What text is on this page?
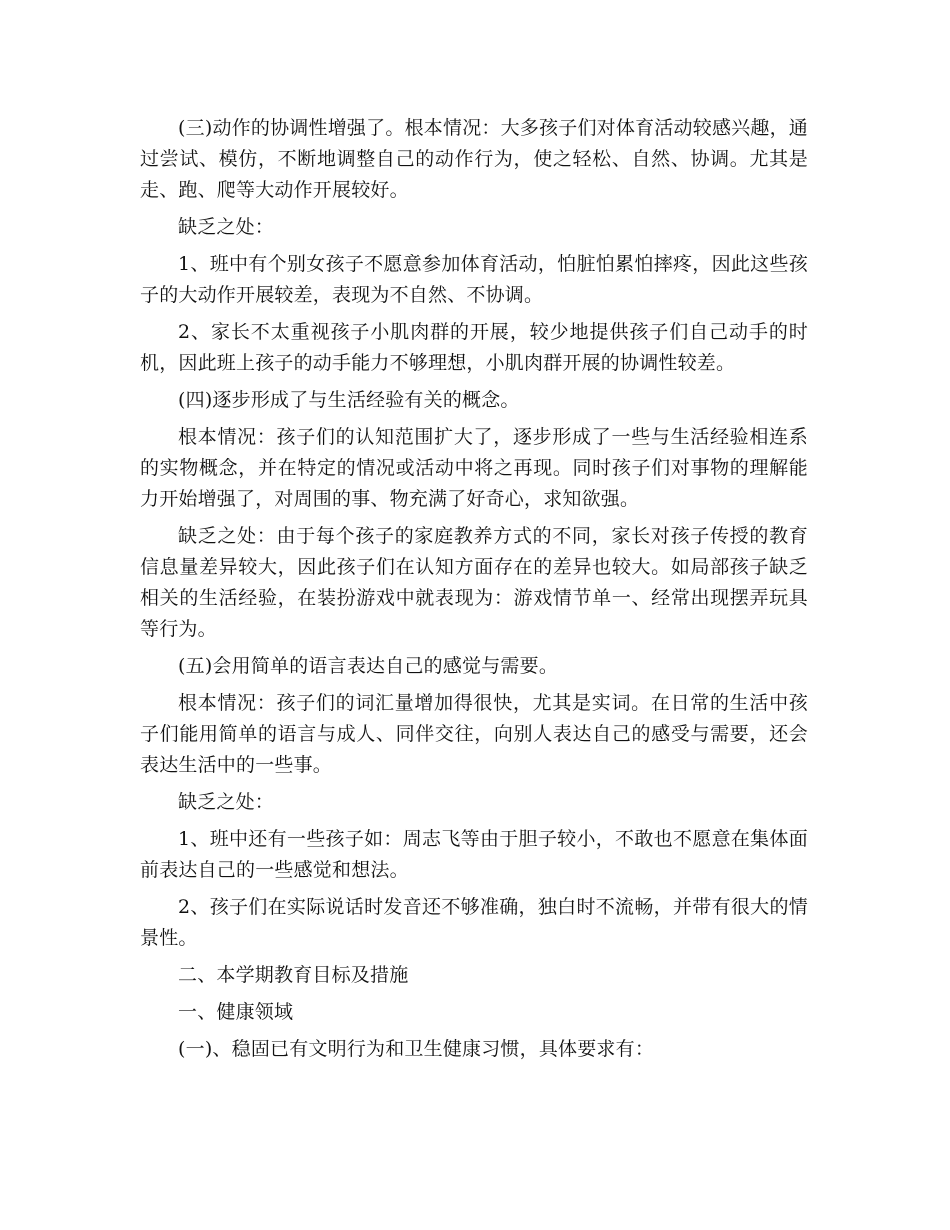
(三)动作的协调性增强了。根本情况：大多孩子们对体育活动较感兴趣，通过尝试、模仿，不断地调整自己的动作行为，使之轻松、自然、协调。尤其是走、跑、爬等大动作开展较好。

缺乏之处：

1、班中有个别女孩子不愿意参加体育活动，怕脏怕累怕摔疼，因此这些孩子的大动作开展较差，表现为不自然、不协调。

2、家长不太重视孩子小肌肉群的开展，较少地提供孩子们自己动手的时机，因此班上孩子的动手能力不够理想，小肌肉群开展的协调性较差。

(四)逐步形成了与生活经验有关的概念。

根本情况：孩子们的认知范围扩大了，逐步形成了一些与生活经验相连系的实物概念，并在特定的情况或活动中将之再现。同时孩子们对事物的理解能力开始增强了，对周围的事、物充满了好奇心，求知欲强。

缺乏之处：由于每个孩子的家庭教养方式的不同，家长对孩子传授的教育信息量差异较大，因此孩子们在认知方面存在的差异也较大。如局部孩子缺乏相关的生活经验，在装扮游戏中就表现为：游戏情节单一、经常出现摆弄玩具等行为。

(五)会用简单的语言表达自己的感觉与需要。

根本情况：孩子们的词汇量增加得很快，尤其是实词。在日常的生活中孩子们能用简单的语言与成人、同伴交往，向别人表达自己的感受与需要，还会表达生活中的一些事。

缺乏之处：

1、班中还有一些孩子如：周志飞等由于胆子较小，不敢也不愿意在集体面前表达自己的一些感觉和想法。

2、孩子们在实际说话时发音还不够准确，独白时不流畅，并带有很大的情景性。

二、本学期教育目标及措施

一、健康领域

(一)、稳固已有文明行为和卫生健康习惯，具体要求有：
